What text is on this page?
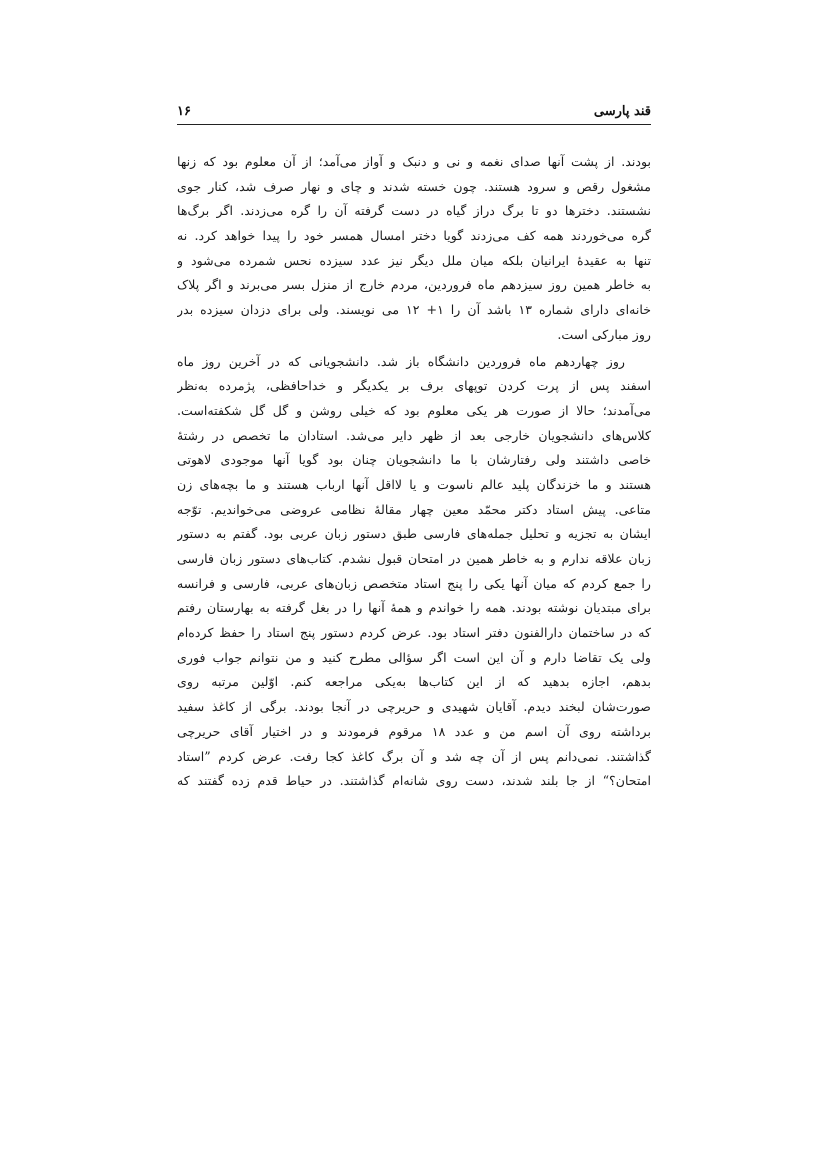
قند پارسی
۱۶
بودند. از پشت آنها صدای نغمه و نی و دنبک و آواز می‌آمد؛ از آن معلوم بود که زنها
مشغول رقص و سرود هستند. چون خسته شدند و چای و نهار صرف شد، کنار جوی
نشستند. دخترها دو تا برگ دراز گیاه در دست گرفته آن را گره می‌زدند. اگر برگ‌ها
گره می‌خوردند همه کف می‌زدند گویا دختر امسال همسر خود را پیدا خواهد کرد. نه
تنها به عقیدهٔ ایرانیان بلکه میان ملل دیگر نیز عدد سیزده نحس شمرده می‌شود و
به خاطر همین روز سیزدهم ماه فروردین، مردم خارج از منزل بسر می‌برند و اگر پلاک
خانه‌ای دارای شماره ۱۳ باشد آن را ۱+ ۱۲ می نویسند. ولی برای دزدان سیزده بدر
روز مبارکی است.
روز چهاردهم ماه فروردین دانشگاه باز شد. دانشجویانی که در آخرین روز ماه
اسفند پس از پرت کردن توپهای برف بر یکدیگر و خداحافظی، پژمرده به‌نظر
می‌آمدند؛ حالا از صورت هر یکی معلوم بود که خیلی روشن و گل گل شکفته‌است.
کلاس‌های دانشجویان خارجی بعد از ظهر دایر می‌شد. استادان ما تخصص در رشتهٔ
خاصی داشتند ولی رفتارشان با ما دانشجویان چنان بود گویا آنها موجودی لاهوتی
هستند و ما خزندگان پلید عالم ناسوت و یا لااقل آنها ارباب هستند و ما بچه‌های زن
متاعی. پیش استاد دکتر محمّد معین چهار مقالهٔ نظامی عروضی می‌خواندیم. توّجه
ایشان به تجزیه و تحلیل جمله‌های فارسی طبق دستور زبان عربی بود. گفتم به دستور
زبان علاقه ندارم و به خاطر همین در امتحان قبول نشدم. کتاب‌های دستور زبان فارسی
را جمع کردم که میان آنها یکی را پنج استاد متخصص زبان‌های عربی، فارسی و فرانسه
برای مبتدیان نوشته بودند. همه را خواندم و همهٔ آنها را در بغل گرفته به بهارستان رفتم
که در ساختمان دارالفنون دفتر استاد بود. عرض کردم دستور پنج استاد را حفظ کرده‌ام
ولی یک تقاضا دارم و آن این است اگر سؤالی مطرح کنید و من نتوانم جواب فوری
بدهم، اجازه بدهید که از این کتاب‌ها به‌یکی مراجعه کنم. اوّلین مرتبه روی
صورت‌شان لبخند دیدم. آقایان شهیدی و حریرچی در آنجا بودند. برگی از کاغذ سفید
برداشته روی آن اسم من و عدد ۱۸ مرقوم فرمودند و در اختیار آقای حریرچی
گذاشتند. نمی‌دانم پس از آن چه شد و آن برگ کاغذ کجا رفت. عرض کردم ”استاد
امتحان؟“ از جا بلند شدند، دست روی شانه‌ام گذاشتند. در حیاط قدم زده گفتند که
